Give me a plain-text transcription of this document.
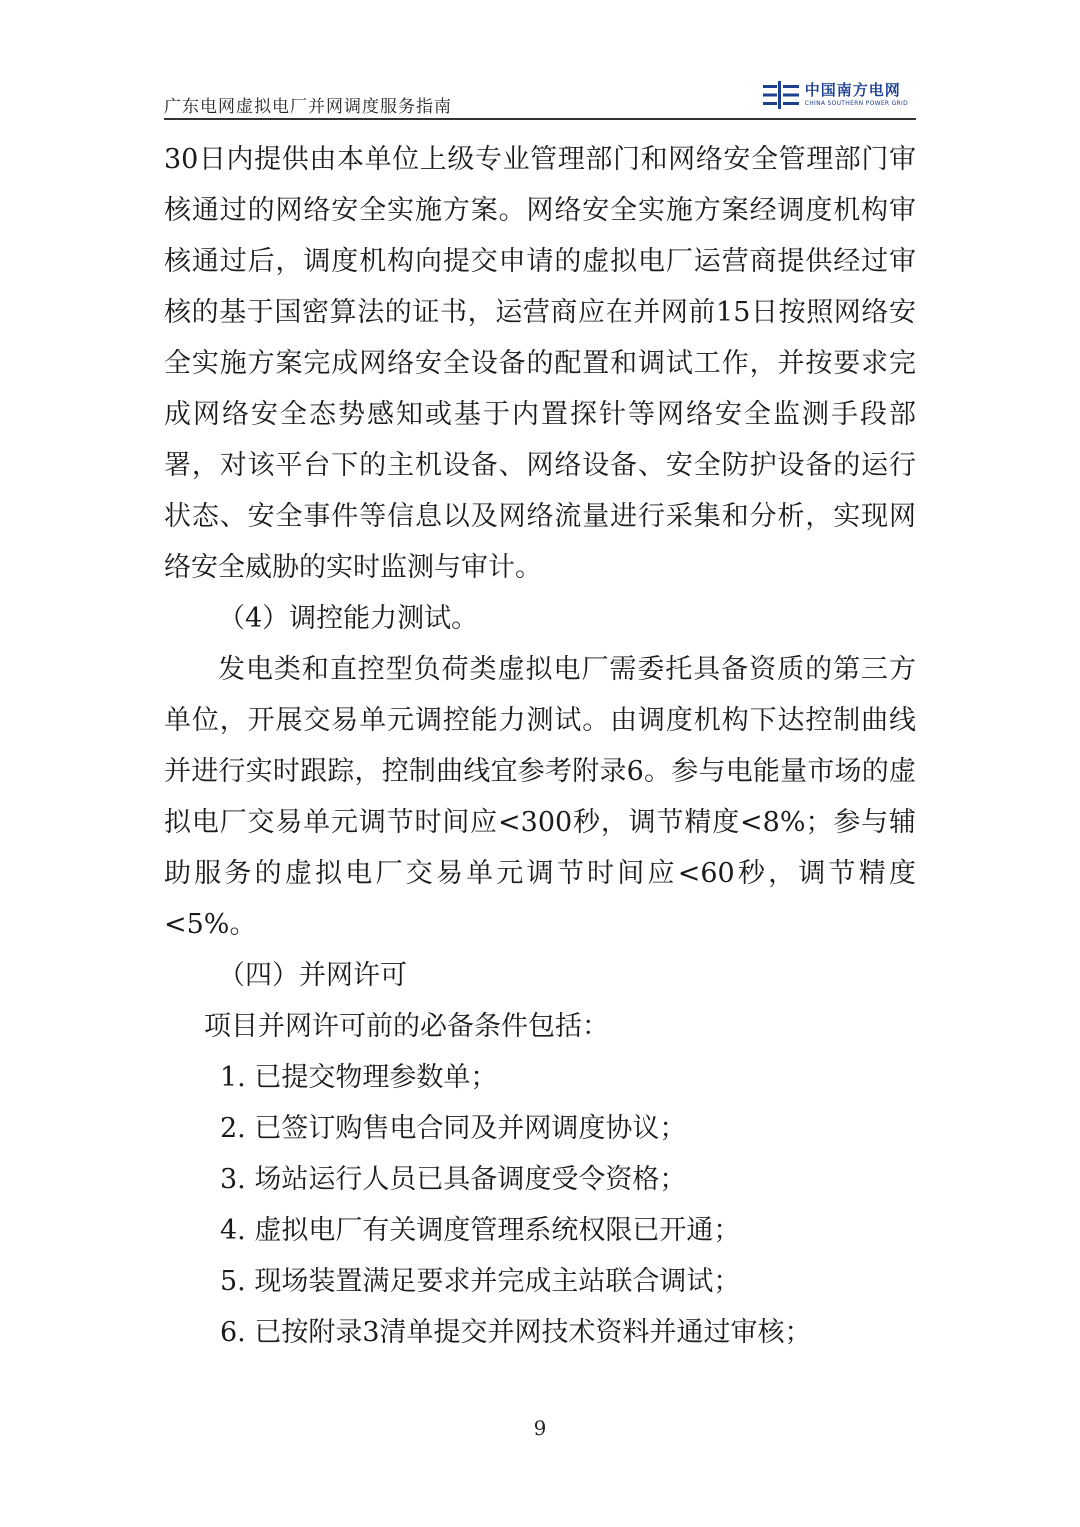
广东电网虚拟电厂并网调度服务指南
中国南方电网
CHINA SOUTHERN POWER GRID

30日内提供由本单位上级专业管理部门和网络安全管理部门审核通过的网络安全实施方案。网络安全实施方案经调度机构审核通过后，调度机构向提交申请的虚拟电厂运营商提供经过审核的基于国密算法的证书，运营商应在并网前15日按照网络安全实施方案完成网络安全设备的配置和调试工作，并按要求完成网络安全态势感知或基于内置探针等网络安全监测手段部署，对该平台下的主机设备、网络设备、安全防护设备的运行状态、安全事件等信息以及网络流量进行采集和分析，实现网络安全威胁的实时监测与审计。

（4）调控能力测试。

发电类和直控型负荷类虚拟电厂需委托具备资质的第三方单位，开展交易单元调控能力测试。由调度机构下达控制曲线并进行实时跟踪，控制曲线宜参考附录6。参与电能量市场的虚拟电厂交易单元调节时间应<300秒，调节精度<8%；参与辅助服务的虚拟电厂交易单元调节时间应<60秒，调节精度<5%。

（四）并网许可

项目并网许可前的必备条件包括：

1. 已提交物理参数单；

2. 已签订购售电合同及并网调度协议；

3. 场站运行人员已具备调度受令资格；

4. 虚拟电厂有关调度管理系统权限已开通；

5. 现场装置满足要求并完成主站联合调试；

6. 已按附录3清单提交并网技术资料并通过审核；

9
